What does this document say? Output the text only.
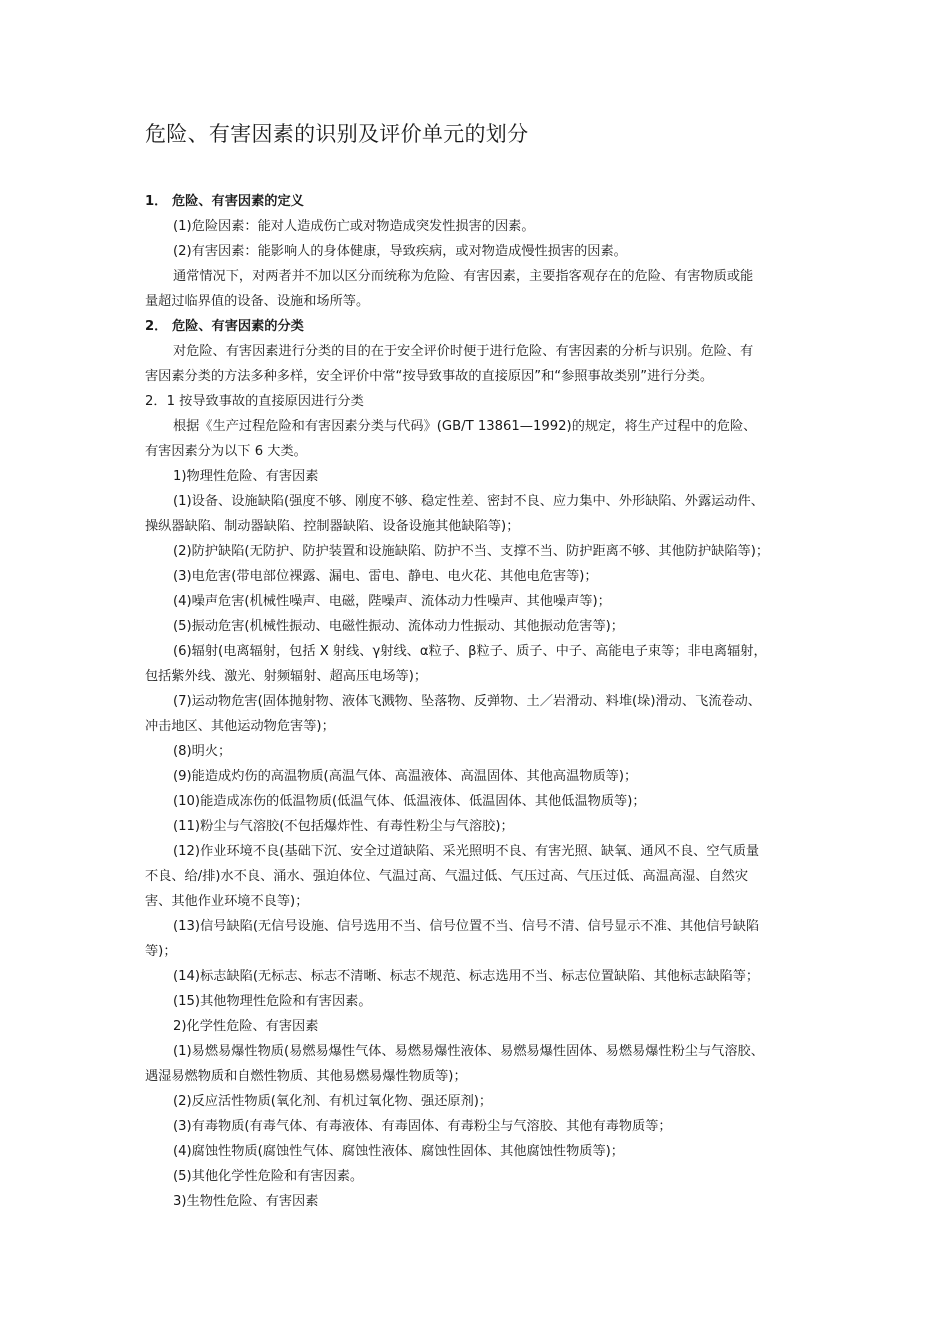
危险、有害因素的识别及评价单元的划分
1． 危险、有害因素的定义
(1)危险因素：能对人造成伤亡或对物造成突发性损害的因素。
(2)有害因素：能影响人的身体健康，导致疾病，或对物造成慢性损害的因素。
通常情况下，对两者并不加以区分而统称为危险、有害因素，主要指客观存在的危险、有害物质或能
量超过临界值的设备、设施和场所等。
2． 危险、有害因素的分类
对危险、有害因素进行分类的目的在于安全评价时便于进行危险、有害因素的分析与识别。危险、有
害因素分类的方法多种多样，安全评价中常“按导致事故的直接原因”和“参照事故类别”进行分类。
2．1 按导致事故的直接原因进行分类
根据《生产过程危险和有害因素分类与代码》(GB/T 13861—1992)的规定，将生产过程中的危险、
有害因素分为以下 6 大类。
1)物理性危险、有害因素
(1)设备、设施缺陷(强度不够、刚度不够、稳定性差、密封不良、应力集中、外形缺陷、外露运动件、
操纵器缺陷、制动器缺陷、控制器缺陷、设备设施其他缺陷等)；
(2)防护缺陷(无防护、防护装置和设施缺陷、防护不当、支撑不当、防护距离不够、其他防护缺陷等)；
(3)电危害(带电部位裸露、漏电、雷电、静电、电火花、其他电危害等)；
(4)噪声危害(机械性噪声、电磁，陛噪声、流体动力性噪声、其他噪声等)；
(5)振动危害(机械性振动、电磁性振动、流体动力性振动、其他振动危害等)；
(6)辐射(电离辐射，包括 X 射线、γ射线、α粒子、β粒子、质子、中子、高能电子束等；非电离辐射，
包括紫外线、激光、射频辐射、超高压电场等)；
(7)运动物危害(固体抛射物、液体飞溅物、坠落物、反弹物、土／岩滑动、料堆(垛)滑动、飞流卷动、
冲击地区、其他运动物危害等)；
(8)明火；
(9)能造成灼伤的高温物质(高温气体、高温液体、高温固体、其他高温物质等)；
(10)能造成冻伤的低温物质(低温气体、低温液体、低温固体、其他低温物质等)；
(11)粉尘与气溶胶(不包括爆炸性、有毒性粉尘与气溶胶)；
(12)作业环境不良(基础下沉、安全过道缺陷、采光照明不良、有害光照、缺氧、通风不良、空气质量
不良、给/排)水不良、涌水、强迫体位、气温过高、气温过低、气压过高、气压过低、高温高湿、自然灾
害、其他作业环境不良等)；
(13)信号缺陷(无信号设施、信号选用不当、信号位置不当、信号不清、信号显示不准、其他信号缺陷
等)；
(14)标志缺陷(无标志、标志不清晰、标志不规范、标志选用不当、标志位置缺陷、其他标志缺陷等；
(15)其他物理性危险和有害因素。
2)化学性危险、有害因素
(1)易燃易爆性物质(易燃易爆性气体、易燃易爆性液体、易燃易爆性固体、易燃易爆性粉尘与气溶胶、
遇湿易燃物质和自燃性物质、其他易燃易爆性物质等)；
(2)反应活性物质(氧化剂、有机过氧化物、强还原剂)；
(3)有毒物质(有毒气体、有毒液体、有毒固体、有毒粉尘与气溶胶、其他有毒物质等；
(4)腐蚀性物质(腐蚀性气体、腐蚀性液体、腐蚀性固体、其他腐蚀性物质等)；
(5)其他化学性危险和有害因素。
3)生物性危险、有害因素
